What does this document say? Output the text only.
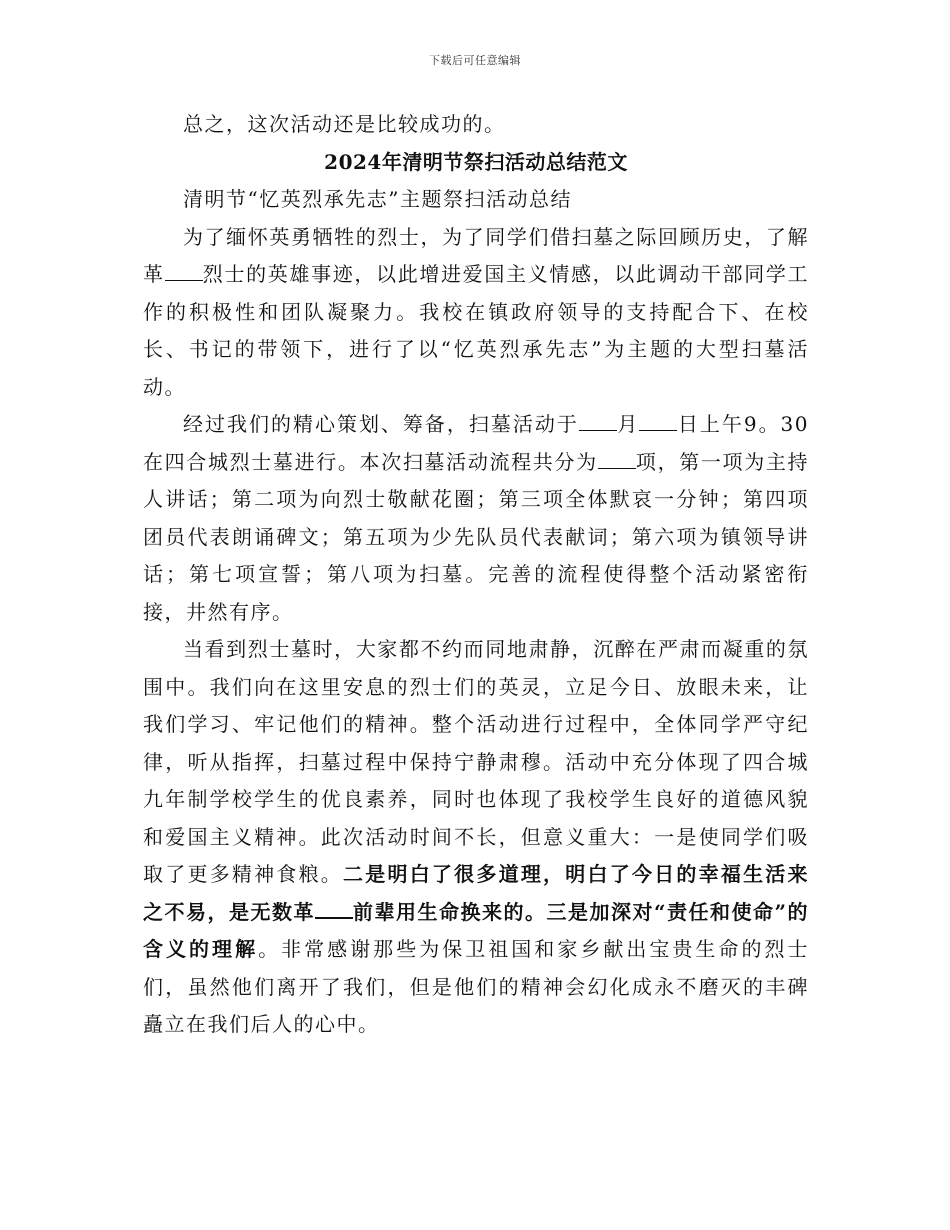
下载后可任意编辑

总之，这次活动还是比较成功的。

2024年清明节祭扫活动总结范文

清明节“忆英烈承先志”主题祭扫活动总结

为了缅怀英勇牺牲的烈士，为了同学们借扫墓之际回顾历史，了解革 烈士的英雄事迹，以此增进爱国主义情感，以此调动干部同学工作的积极性和团队凝聚力。我校在镇政府领导的支持配合下、在校长、书记的带领下，进行了以“忆英烈承先志”为主题的大型扫墓活动。

经过我们的精心策划、筹备，扫墓活动于 月 日上午9。30在四合城烈士墓进行。本次扫墓活动流程共分为 项，第一项为主持人讲话；第二项为向烈士敬献花圈；第三项全体默哀一分钟；第四项团员代表朗诵碑文；第五项为少先队员代表献词；第六项为镇领导讲话；第七项宣誓；第八项为扫墓。完善的流程使得整个活动紧密衔接，井然有序。

当看到烈士墓时，大家都不约而同地肃静，沉醉在严肃而凝重的氛围中。我们向在这里安息的烈士们的英灵，立足今日、放眼未来，让我们学习、牢记他们的精神。整个活动进行过程中，全体同学严守纪律，听从指挥，扫墓过程中保持宁静肃穆。活动中充分体现了四合城九年制学校学生的优良素养，同时也体现了我校学生良好的道德风貌和爱国主义精神。此次活动时间不长，但意义重大：一是使同学们吸取了更多精神食粮。二是明白了很多道理，明白了今日的幸福生活来之不易，是无数革 前辈用生命换来的。三是加深对“责任和使命”的含义的理解。非常感谢那些为保卫祖国和家乡献出宝贵生命的烈士们，虽然他们离开了我们，但是他们的精神会幻化成永不磨灭的丰碑矗立在我们后人的心中。
